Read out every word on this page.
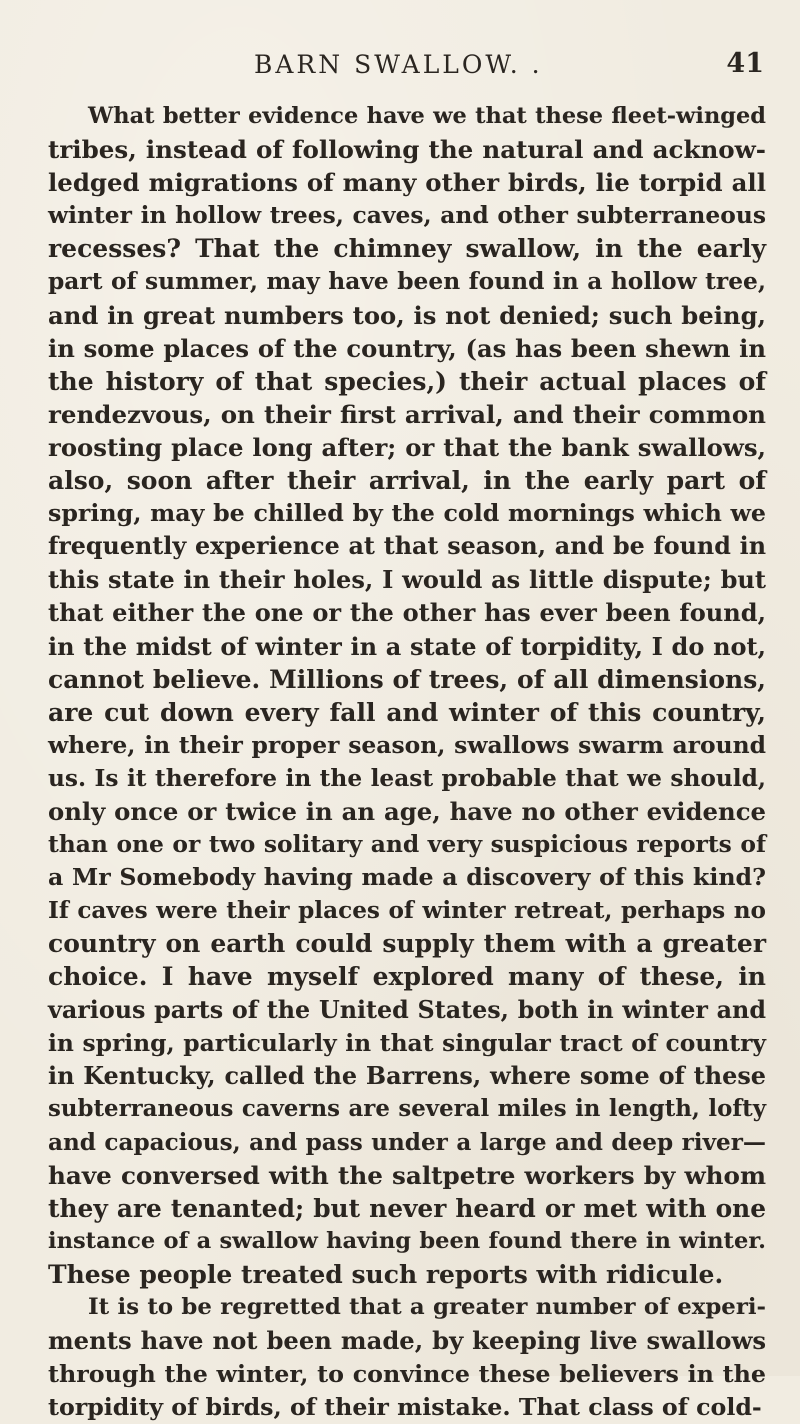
BARN SWALLOW. .	41
What better evidence have we that these fleet-winged
tribes, instead of following the natural and acknow-
ledged migrations of many other birds, lie torpid all
winter in hollow trees, caves, and other subterraneous
recesses? That the chimney swallow, in the early
part of summer, may have been found in a hollow tree,
and in great numbers too, is not denied; such being,
in some places of the country, (as has been shewn in
the history of that species,) their actual places of
rendezvous, on their first arrival, and their common
roosting place long after; or that the bank swallows,
also, soon after their arrival, in the early part of
spring, may be chilled by the cold mornings which we
frequently experience at that season, and be found in
this state in their holes, I would as little dispute; but
that either the one or the other has ever been found,
in the midst of winter in a state of torpidity, I do not,
cannot believe. Millions of trees, of all dimensions,
are cut down every fall and winter of this country,
where, in their proper season, swallows swarm around
us. Is it therefore in the least probable that we should,
only once or twice in an age, have no other evidence
than one or two solitary and very suspicious reports of
a Mr Somebody having made a discovery of this kind?
If caves were their places of winter retreat, perhaps no
country on earth could supply them with a greater
choice. I have myself explored many of these, in
various parts of the United States, both in winter and
in spring, particularly in that singular tract of country
in Kentucky, called the Barrens, where some of these
subterraneous caverns are several miles in length, lofty
and capacious, and pass under a large and deep river—
have conversed with the saltpetre workers by whom
they are tenanted; but never heard or met with one
instance of a swallow having been found there in winter.
These people treated such reports with ridicule.
It is to be regretted that a greater number of experi-
ments have not been made, by keeping live swallows
through the winter, to convince these believers in the
torpidity of birds, of their mistake. That class of cold-
